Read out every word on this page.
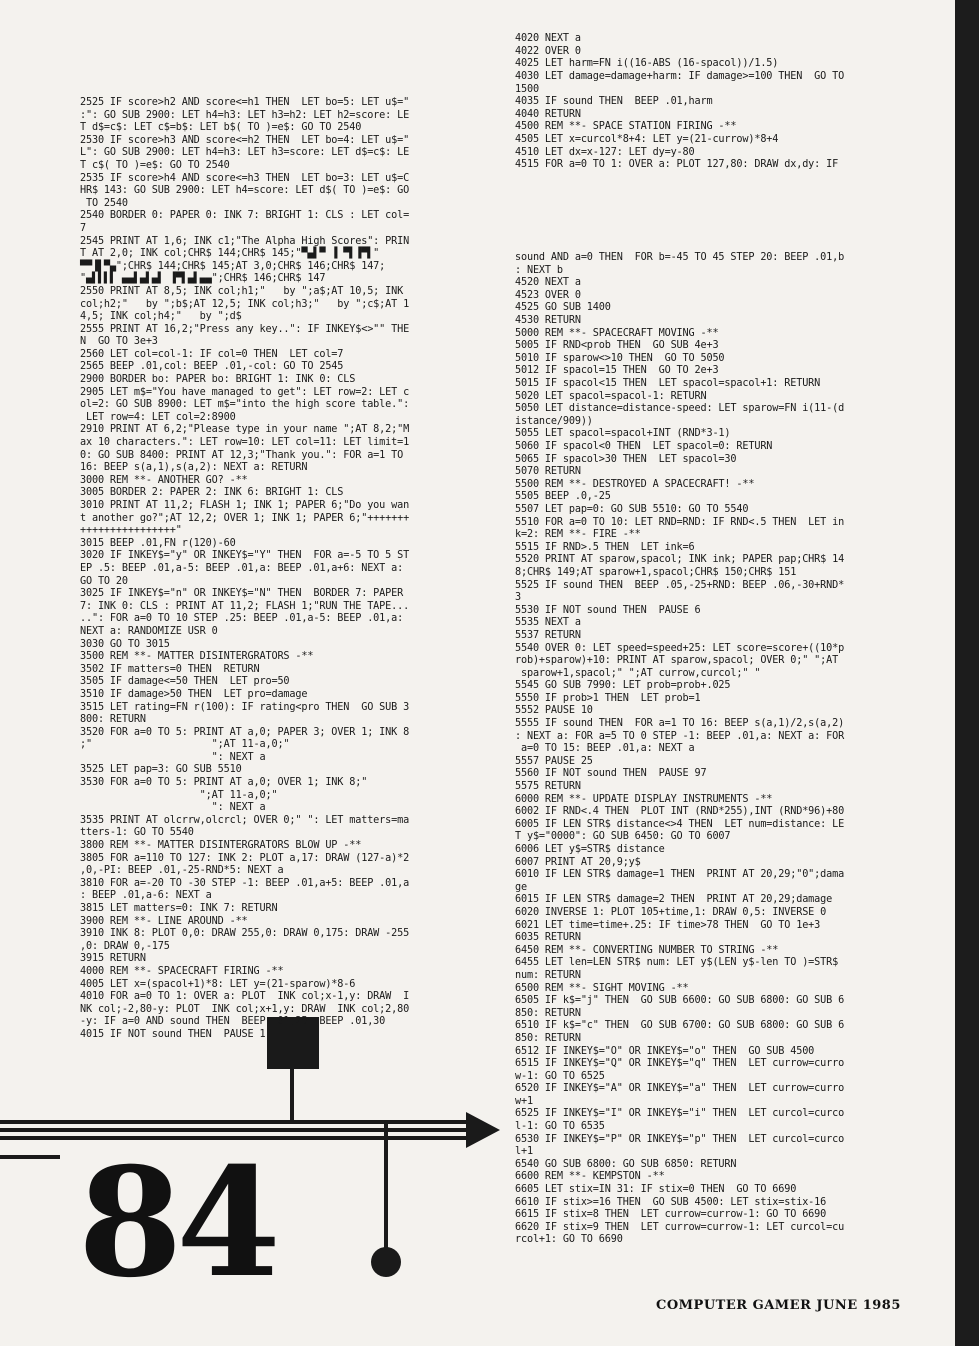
2525 IF score>h2 AND score<=h1 THEN  LET bo=5: LET u$="
:": GO SUB 2900: LET h4=h3: LET h3=h2: LET h2=score: LE
T d$=c$: LET c$=b$: LET b$( TO )=e$: GO TO 2540
2530 IF score>h3 AND score<=h2 THEN  LET bo=4: LET u$="
L": GO SUB 2900: LET h4=h3: LET h3=score: LET d$=c$: LE
T c$( TO )=e$: GO TO 2540
2535 IF score>h4 AND score<=h3 THEN  LET bo=3: LET u$=C
HR$ 143: GO SUB 2900: LET h4=score: LET d$( TO )=e$: GO
TO 2540
2540 BORDER 0: PAPER 0: INK 7: BRIGHT 1: CLS : LET col=
7
2545 PRINT AT 1,6; INK c1;"The Alpha High Scores": PRIN
T AT 2,0; INK col;CHR$ 144;CHR$ 145;"▀▄▌▀ ▐ ▀▌▐▀▌"
▀▀▐▌▀▄";CHR$ 144;CHR$ 145;AT 3,0;CHR$ 146;CHR$ 147;
"▄▌▌▌▌ ▄▄▌▄▌▄▌ ▐▀▌▄▌▄▄";CHR$ 146;CHR$ 147
2550 PRINT AT 8,5; INK col;h1;"   by ";a$;AT 10,5; INK
col;h2;"   by ";b$;AT 12,5; INK col;h3;"   by ";c$;AT 1
4,5; INK col;h4;"   by ";d$
2555 PRINT AT 16,2;"Press any key..": IF INKEY$<>"" THE
N  GO TO 3e+3
2560 LET col=col-1: IF col=0 THEN  LET col=7
2565 BEEP .01,col: BEEP .01,-col: GO TO 2545
2900 BORDER bo: PAPER bo: BRIGHT 1: INK 0: CLS
2905 LET m$="You have managed to get": LET row=2: LET c
ol=2: GO SUB 8900: LET m$="into the high score table.":
LET row=4: LET col=2:8900
2910 PRINT AT 6,2;"Please type in your name ";AT 8,2;"M
ax 10 characters.": LET row=10: LET col=11: LET limit=1
0: GO SUB 8400: PRINT AT 12,3;"Thank you.": FOR a=1 TO
16: BEEP s(a,1),s(a,2): NEXT a: RETURN
3000 REM **- ANOTHER GO? -**
3005 BORDER 2: PAPER 2: INK 6: BRIGHT 1: CLS
3010 PRINT AT 11,2; FLASH 1; INK 1; PAPER 6;"Do you wan
t another go?";AT 12,2; OVER 1; INK 1; PAPER 6;"+++++++
++++++++++++++++"
3015 BEEP .01,FN r(120)-60
3020 IF INKEY$="y" OR INKEY$="Y" THEN  FOR a=-5 TO 5 ST
EP .5: BEEP .01,a-5: BEEP .01,a: BEEP .01,a+6: NEXT a:
GO TO 20
3025 IF INKEY$="n" OR INKEY$="N" THEN  BORDER 7: PAPER
7: INK 0: CLS : PRINT AT 11,2; FLASH 1;"RUN THE TAPE...
..": FOR a=0 TO 10 STEP .25: BEEP .01,a-5: BEEP .01,a:
NEXT a: RANDOMIZE USR 0
3030 GO TO 3015
3500 REM **- MATTER DISINTERGRATORS -**
3502 IF matters=0 THEN  RETURN
3505 IF damage<=50 THEN  LET pro=50
3510 IF damage>50 THEN  LET pro=damage
3515 LET rating=FN r(100): IF rating<pro THEN  GO SUB 3
800: RETURN
3520 FOR a=0 TO 5: PRINT AT a,0; PAPER 3; OVER 1; INK 8
;"                    ";AT 11-a,0;"
": NEXT a
3525 LET pap=3: GO SUB 5510
3530 FOR a=0 TO 5: PRINT AT a,0; OVER 1; INK 8;"
";AT 11-a,0;"
": NEXT a
3535 PRINT AT olcrrw,olcrcl; OVER 0;" ": LET matters=ma
tters-1: GO TO 5540
3800 REM **- MATTER DISINTERGRATORS BLOW UP -**
3805 FOR a=110 TO 127: INK 2: PLOT a,17: DRAW (127-a)*2
,0,-PI: BEEP .01,-25-RND*5: NEXT a
3810 FOR a=-20 TO -30 STEP -1: BEEP .01,a+5: BEEP .01,a
: BEEP .01,a-6: NEXT a
3815 LET matters=0: INK 7: RETURN
3900 REM **- LINE AROUND -**
3910 INK 8: PLOT 0,0: DRAW 255,0: DRAW 0,175: DRAW -255
,0: DRAW 0,-175
3915 RETURN
4000 REM **- SPACECRAFT FIRING -**
4005 LET x=(spacol+1)*8: LET y=(21-sparow)*8-6
4010 FOR a=0 TO 1: OVER a: PLOT  INK col;x-1,y: DRAW  I
NK col;-2,80-y: PLOT  INK col;x+1,y: DRAW  INK col;2,80
-y: IF a=0 AND sound THEN  BEEP .01,25: BEEP .01,30
4015 IF NOT sound THEN  PAUSE 1

4020 NEXT a
4022 OVER 0
4025 LET harm=FN i((16-ABS (16-spacol))/1.5)
4030 LET damage=damage+harm: IF damage>=100 THEN  GO TO
1500
4035 IF sound THEN  BEEP .01,harm
4040 RETURN
4500 REM **- SPACE STATION FIRING -**
4505 LET x=curcol*8+4: LET y=(21-currow)*8+4
4510 LET dx=x-127: LET dy=y-80
4515 FOR a=0 TO 1: OVER a: PLOT 127,80: DRAW dx,dy: IF

sound AND a=0 THEN  FOR b=-45 TO 45 STEP 20: BEEP .01,b
: NEXT b
4520 NEXT a
4523 OVER 0
4525 GO SUB 1400
4530 RETURN
5000 REM **- SPACECRAFT MOVING -**
5005 IF RND<prob THEN  GO SUB 4e+3
5010 IF sparow<>10 THEN  GO TO 5050
5012 IF spacol=15 THEN  GO TO 2e+3
5015 IF spacol<15 THEN  LET spacol=spacol+1: RETURN
5020 LET spacol=spacol-1: RETURN
5050 LET distance=distance-speed: LET sparow=FN i(11-(d
istance/909))
5055 LET spacol=spacol+INT (RND*3-1)
5060 IF spacol<0 THEN  LET spacol=0: RETURN
5065 IF spacol>30 THEN  LET spacol=30
5070 RETURN
5500 REM **- DESTROYED A SPACECRAFT! -**
5505 BEEP .0,-25
5507 LET pap=0: GO SUB 5510: GO TO 5540
5510 FOR a=0 TO 10: LET RND=RND: IF RND<.5 THEN  LET in
k=2: REM **- FIRE -**
5515 IF RND>.5 THEN  LET ink=6
5520 PRINT AT sparow,spacol; INK ink; PAPER pap;CHR$ 14
8;CHR$ 149;AT sparow+1,spacol;CHR$ 150;CHR$ 151
5525 IF sound THEN  BEEP .05,-25+RND: BEEP .06,-30+RND*
3
5530 IF NOT sound THEN  PAUSE 6
5535 NEXT a
5537 RETURN
5540 OVER 0: LET speed=speed+25: LET score=score+((10*p
rob)+sparow)+10: PRINT AT sparow,spacol; OVER 0;" ";AT
sparow+1,spacol;" ";AT currow,curcol;" "
5545 GO SUB 7990: LET prob=prob+.025
5550 IF prob>1 THEN  LET prob=1
5552 PAUSE 10
5555 IF sound THEN  FOR a=1 TO 16: BEEP s(a,1)/2,s(a,2)
: NEXT a: FOR a=5 TO 0 STEP -1: BEEP .01,a: NEXT a: FOR
a=0 TO 15: BEEP .01,a: NEXT a
5557 PAUSE 25
5560 IF NOT sound THEN  PAUSE 97
5575 RETURN
6000 REM **- UPDATE DISPLAY INSTRUMENTS -**
6002 IF RND<.4 THEN  PLOT INT (RND*255),INT (RND*96)+80
6005 IF LEN STR$ distance<>4 THEN  LET num=distance: LE
T y$="0000": GO SUB 6450: GO TO 6007
6006 LET y$=STR$ distance
6007 PRINT AT 20,9;y$
6010 IF LEN STR$ damage=1 THEN  PRINT AT 20,29;"0";dama
ge
6015 IF LEN STR$ damage=2 THEN  PRINT AT 20,29;damage
6020 INVERSE 1: PLOT 105+time,1: DRAW 0,5: INVERSE 0
6021 LET time=time+.25: IF time>78 THEN  GO TO 1e+3
6035 RETURN
6450 REM **- CONVERTING NUMBER TO STRING -**
6455 LET len=LEN STR$ num: LET y$(LEN y$-len TO )=STR$
num: RETURN
6500 REM **- SIGHT MOVING -**
6505 IF k$="j" THEN  GO SUB 6600: GO SUB 6800: GO SUB 6
850: RETURN
6510 IF k$="c" THEN  GO SUB 6700: GO SUB 6800: GO SUB 6
850: RETURN
6512 IF INKEY$="O" OR INKEY$="o" THEN  GO SUB 4500
6515 IF INKEY$="Q" OR INKEY$="q" THEN  LET currow=curro
w-1: GO TO 6525
6520 IF INKEY$="A" OR INKEY$="a" THEN  LET currow=curro
w+1
6525 IF INKEY$="I" OR INKEY$="i" THEN  LET curcol=curco
l-1: GO TO 6535
6530 IF INKEY$="P" OR INKEY$="p" THEN  LET curcol=curco
l+1
6540 GO SUB 6800: GO SUB 6850: RETURN
6600 REM **- KEMPSTON -**
6605 LET stix=IN 31: IF stix=0 THEN  GO TO 6690
6610 IF stix>=16 THEN  GO SUB 4500: LET stix=stix-16
6615 IF stix=8 THEN  LET currow=currow-1: GO TO 6690
6620 IF stix=9 THEN  LET currow=currow-1: LET curcol=cu
rcol+1: GO TO 6690

84	COMPUTER GAMER JUNE 1985
